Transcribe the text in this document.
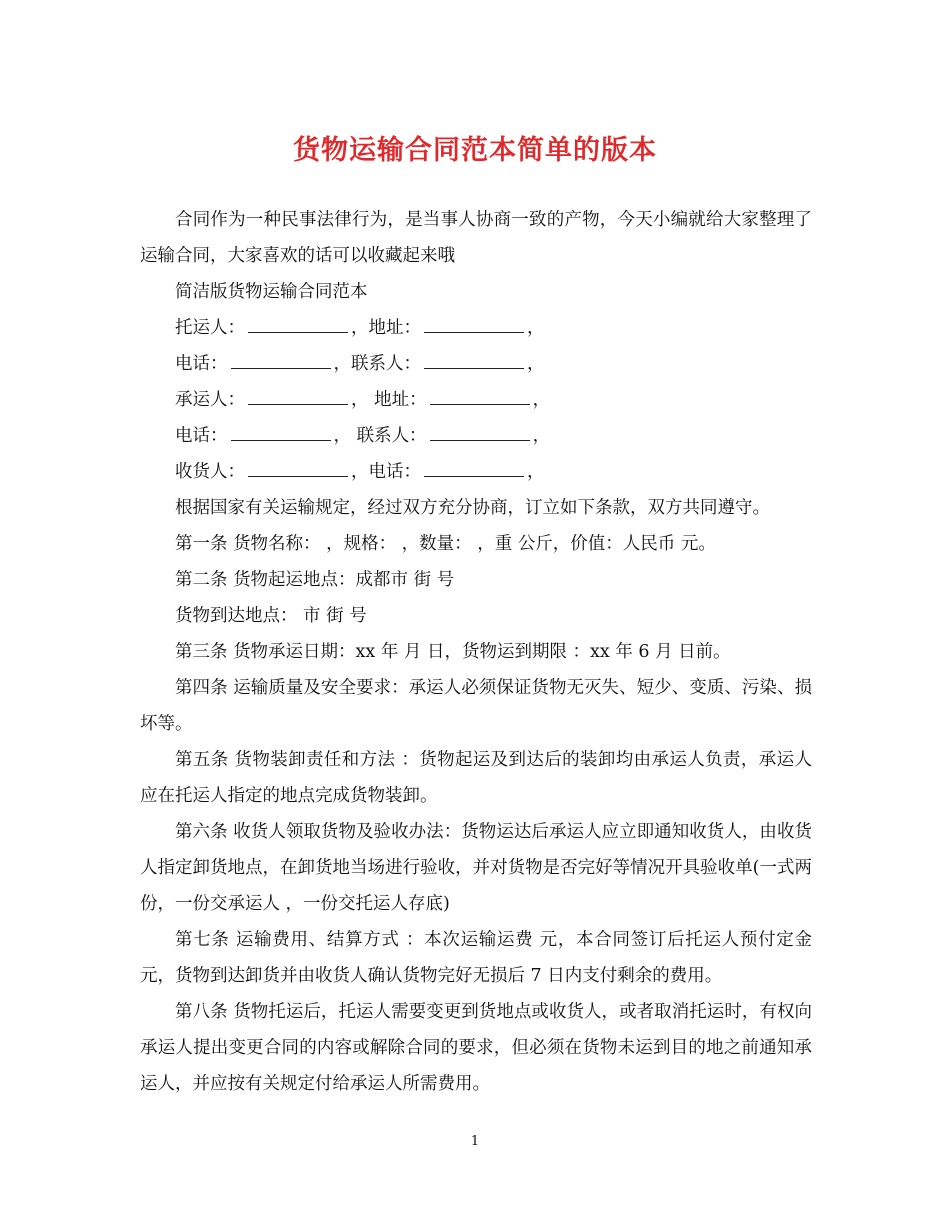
货物运输合同范本简单的版本

合同作为一种民事法律行为，是当事人协商一致的产物，今天小编就给大家整理了运输合同，大家喜欢的话可以收藏起来哦

简洁版货物运输合同范本

托运人：	，地址：	，

电话：	，联系人：	，

承运人：	， 地址：	，

电话：	， 联系人：	，

收货人：	，电话：	，

根据国家有关运输规定，经过双方充分协商，订立如下条款，双方共同遵守。

第一条 货物名称： ，规格： ，数量： ，重 公斤，价值：人民币 元。

第二条 货物起运地点：成都市 街 号

货物到达地点： 市 街 号

第三条 货物承运日期：xx 年 月 日，货物运到期限 ：xx 年 6 月 日前。

第四条 运输质量及安全要求：承运人必须保证货物无灭失、短少、变质、污染、损坏等。

第五条 货物装卸责任和方法 ：货物起运及到达后的装卸均由承运人负责，承运人应在托运人指定的地点完成货物装卸。

第六条 收货人领取货物及验收办法：货物运达后承运人应立即通知收货人，由收货人指定卸货地点，在卸货地当场进行验收，并对货物是否完好等情况开具验收单(一式两份，一份交承运人 ，一份交托运人存底)

第七条 运输费用、结算方式 ：本次运输运费 元，本合同签订后托运人预付定金 元，货物到达卸货并由收货人确认货物完好无损后 7 日内支付剩余的费用。

第八条 货物托运后，托运人需要变更到货地点或收货人，或者取消托运时，有权向承运人提出变更合同的内容或解除合同的要求，但必须在货物未运到目的地之前通知承运人，并应按有关规定付给承运人所需费用。

1
